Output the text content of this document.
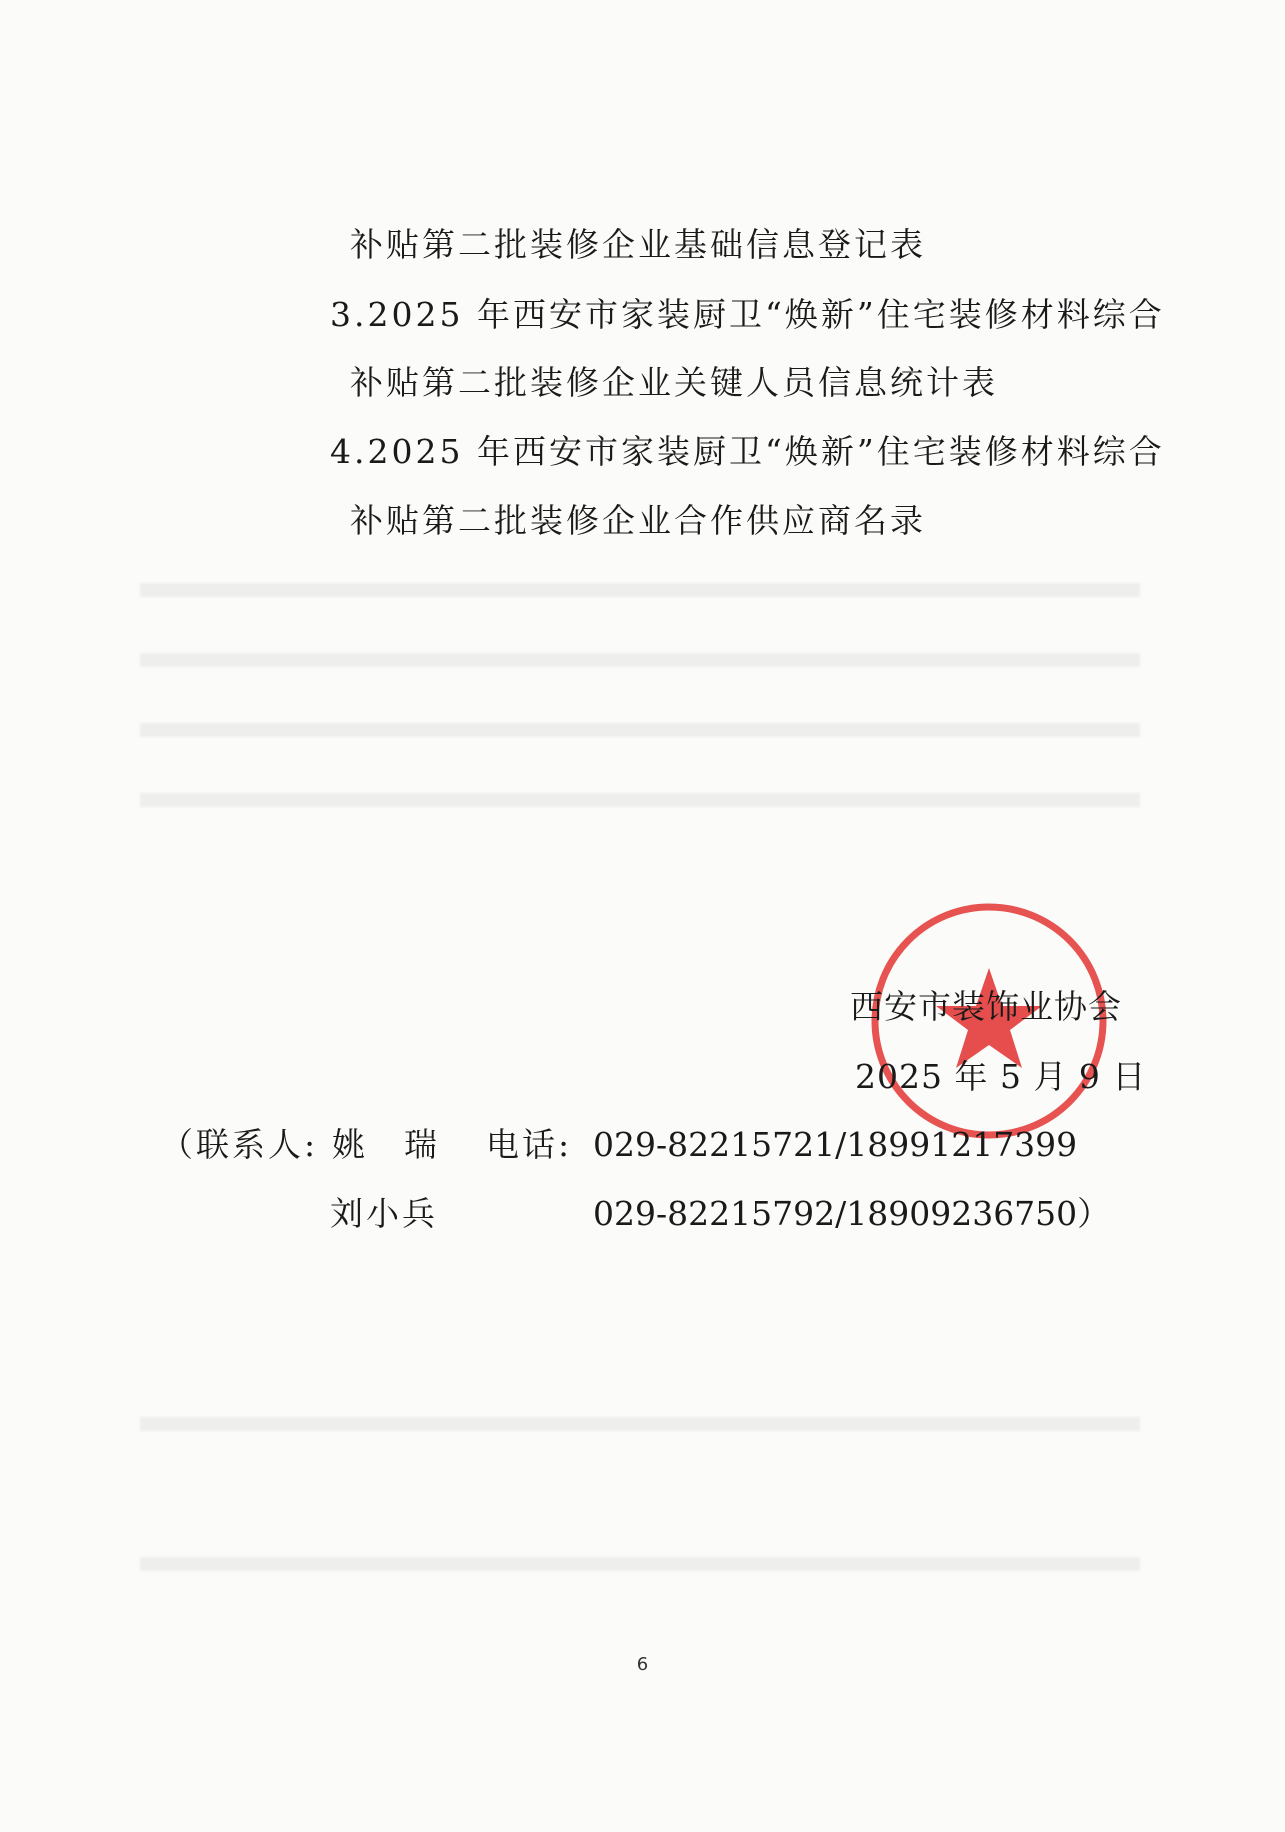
补贴第二批装修企业基础信息登记表
3.2025 年西安市家装厨卫“焕新”住宅装修材料综合
补贴第二批装修企业关键人员信息统计表
4.2025 年西安市家装厨卫“焕新”住宅装修材料综合
补贴第二批装修企业合作供应商名录
西安市装饰业协会
2025 年 5 月 9 日
（联系人: 姚　瑞 电话: 029-82215721/18991217399
刘小兵	029-82215792/18909236750）
6
